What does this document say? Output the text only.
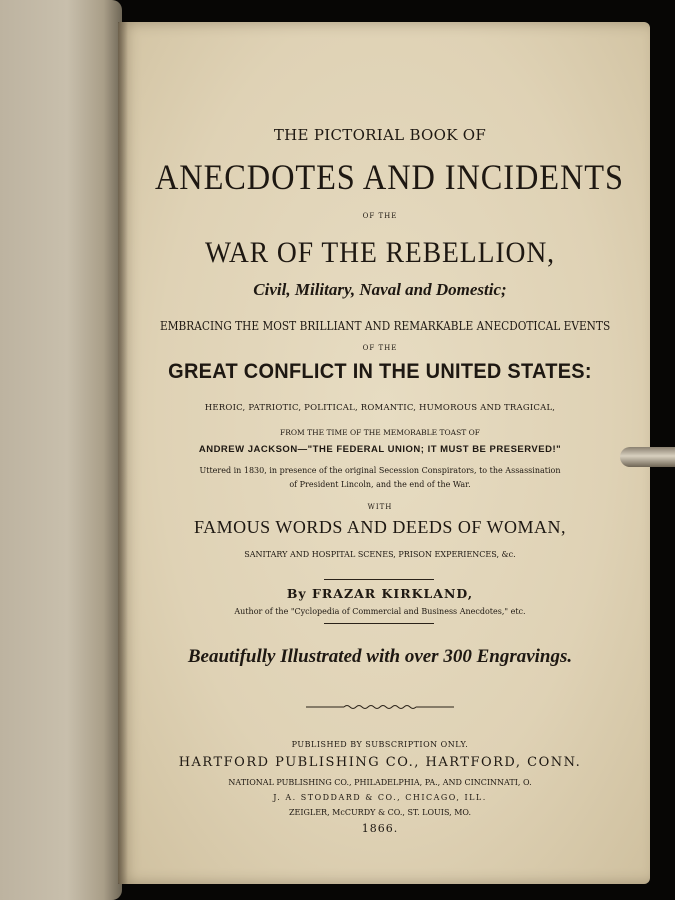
THE PICTORIAL BOOK OF
ANECDOTES AND INCIDENTS
OF THE
WAR OF THE REBELLION,
Civil, Military, Naval and Domestic;
EMBRACING THE MOST BRILLIANT AND REMARKABLE ANECDOTICAL EVENTS
OF THE
GREAT CONFLICT IN THE UNITED STATES:
HEROIC, PATRIOTIC, POLITICAL, ROMANTIC, HUMOROUS AND TRAGICAL,
FROM THE TIME OF THE MEMORABLE TOAST OF
ANDREW JACKSON—"THE FEDERAL UNION; IT MUST BE PRESERVED!"
Uttered in 1830, in presence of the original Secession Conspirators, to the Assassination
of President Lincoln, and the end of the War.
WITH
FAMOUS WORDS AND DEEDS OF WOMAN,
SANITARY AND HOSPITAL SCENES, PRISON EXPERIENCES, &c.
By FRAZAR KIRKLAND,
Author of the "Cyclopedia of Commercial and Business Anecdotes," etc.
Beautifully Illustrated with over 300 Engravings.
PUBLISHED BY SUBSCRIPTION ONLY.
HARTFORD PUBLISHING CO., HARTFORD, CONN.
NATIONAL PUBLISHING CO., PHILADELPHIA, PA., AND CINCINNATI, O.
J. A. STODDARD & CO., CHICAGO, ILL.
ZEIGLER, McCURDY & CO., ST. LOUIS, MO.
1866.
